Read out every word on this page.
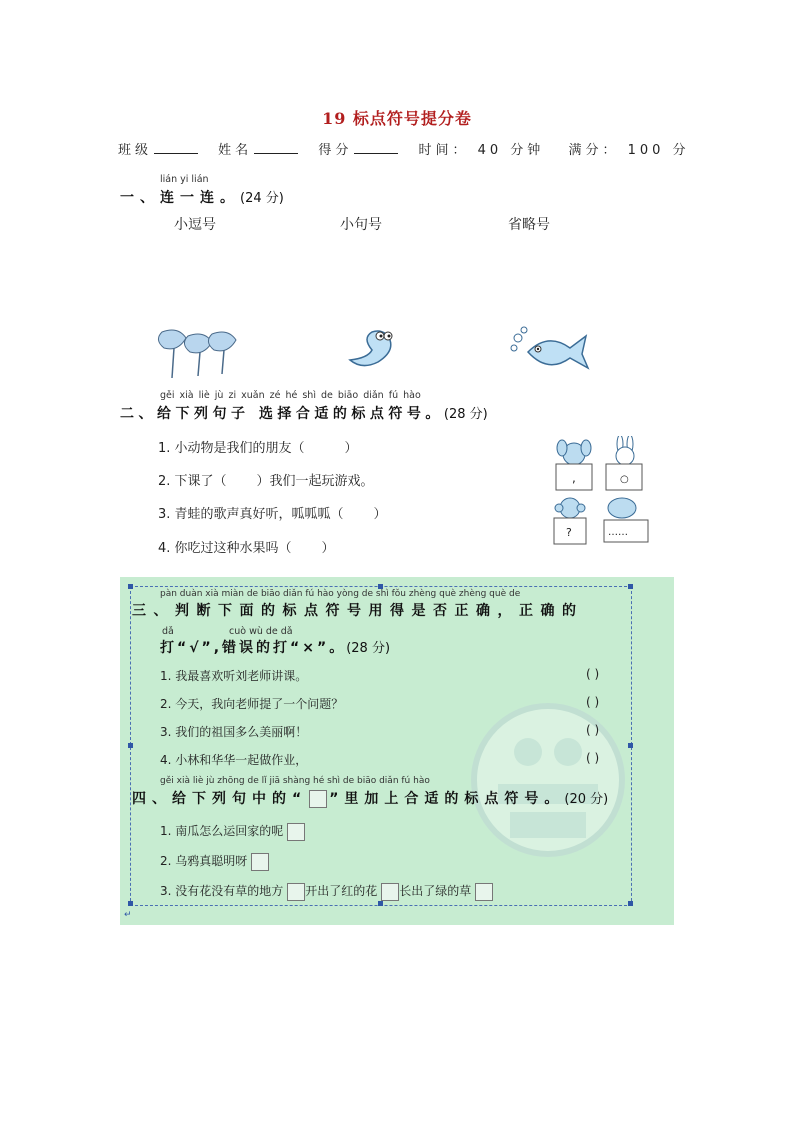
19 标点符号提分卷
班级	姓名	得分	时间： 40 分钟 满分： 100 分
lián yi lián
一、连一连。(24 分)
小逗号	小句号	省略号
gěi xià liè jù zi xuǎn zé hé shì de biāo diǎn fú hào
二、给下列句子 选择合适的标点符号。(28 分)
1. 小动物是我们的朋友（	）
2. 下课了（ ）我们一起玩游戏。
3. 青蛙的歌声真好听，呱呱呱（ ）
4. 你吃过这种水果吗（ ）
,	○
?	……
pàn duàn xià miàn de biāo diǎn fú hào yòng de shì fǒu zhèng què zhèng què de
三、判断下面的标点符号用得是否正确，正确的
dǎ	cuò wù de dǎ
打“√”,错误的打“×”。(28 分)
1. 我最喜欢听刘老师讲课。	( )
2. 今天，我向老师提了一个问题？	( )
3. 我们的祖国多么美丽啊！	( )
4. 小林和华华一起做作业，	( )
gěi xià liè jù zhōng de lǐ jiā shàng hé shì de biāo diǎn fú hào
四、给下列句中的“ ”里加上合适的标点符号。(20 分)
1. 南瓜怎么运回家的呢
2. 乌鸦真聪明呀
3. 没有花没有草的地方 开出了红的花 长出了绿的草
↵
